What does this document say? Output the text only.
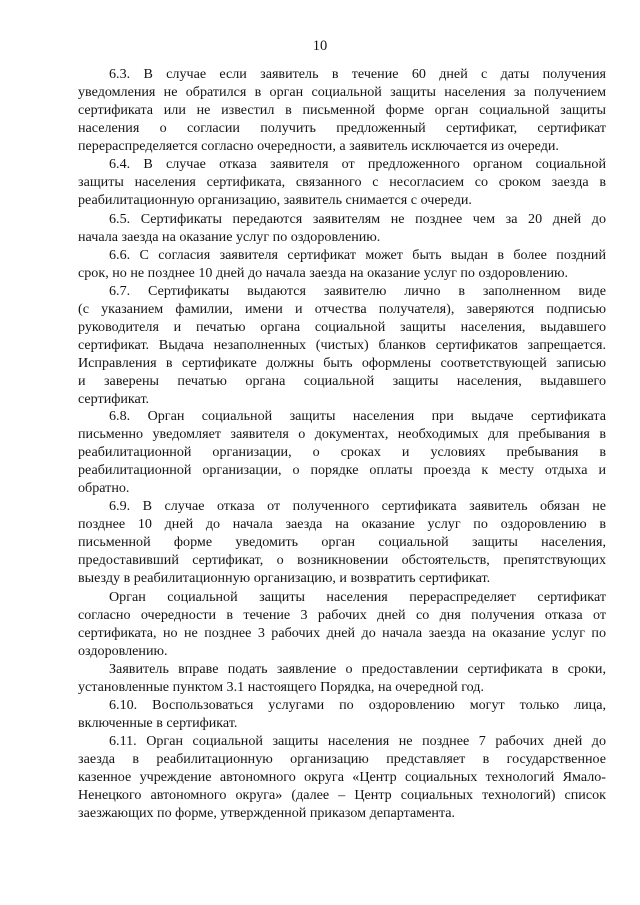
10
6.3. В случае если заявитель в течение 60 дней с даты получения
уведомления не обратился в орган социальной защиты населения за получением
сертификата или не известил в письменной форме орган социальной защиты
населения о согласии получить предложенный сертификат, сертификат
перераспределяется согласно очередности, а заявитель исключается из очереди.
6.4. В случае отказа заявителя от предложенного органом социальной
защиты населения сертификата, связанного с несогласием со сроком заезда в
реабилитационную организацию, заявитель снимается с очереди.
6.5. Сертификаты передаются заявителям не позднее чем за 20 дней до
начала заезда на оказание услуг по оздоровлению.
6.6. С согласия заявителя сертификат может быть выдан в более поздний
срок, но не позднее 10 дней до начала заезда на оказание услуг по оздоровлению.
6.7. Сертификаты выдаются заявителю лично в заполненном виде
(с указанием фамилии, имени и отчества получателя), заверяются подписью
руководителя и печатью органа социальной защиты населения, выдавшего
сертификат. Выдача незаполненных (чистых) бланков сертификатов запрещается.
Исправления в сертификате должны быть оформлены соответствующей записью
и заверены печатью органа социальной защиты населения, выдавшего
сертификат.
6.8. Орган социальной защиты населения при выдаче сертификата
письменно уведомляет заявителя о документах, необходимых для пребывания в
реабилитационной организации, о сроках и условиях пребывания в
реабилитационной организации, о порядке оплаты проезда к месту отдыха и
обратно.
6.9. В случае отказа от полученного сертификата заявитель обязан не
позднее 10 дней до начала заезда на оказание услуг по оздоровлению в
письменной форме уведомить орган социальной защиты населения,
предоставивший сертификат, о возникновении обстоятельств, препятствующих
выезду в реабилитационную организацию, и возвратить сертификат.
Орган социальной защиты населения перераспределяет сертификат
согласно очередности в течение 3 рабочих дней со дня получения отказа от
сертификата, но не позднее 3 рабочих дней до начала заезда на оказание услуг по
оздоровлению.
Заявитель вправе подать заявление о предоставлении сертификата в сроки,
установленные пунктом 3.1 настоящего Порядка, на очередной год.
6.10. Воспользоваться услугами по оздоровлению могут только лица,
включенные в сертификат.
6.11. Орган социальной защиты населения не позднее 7 рабочих дней до
заезда в реабилитационную организацию представляет в государственное
казенное учреждение автономного округа «Центр социальных технологий Ямало-
Ненецкого автономного округа» (далее – Центр социальных технологий) список
заезжающих по форме, утвержденной приказом департамента.
